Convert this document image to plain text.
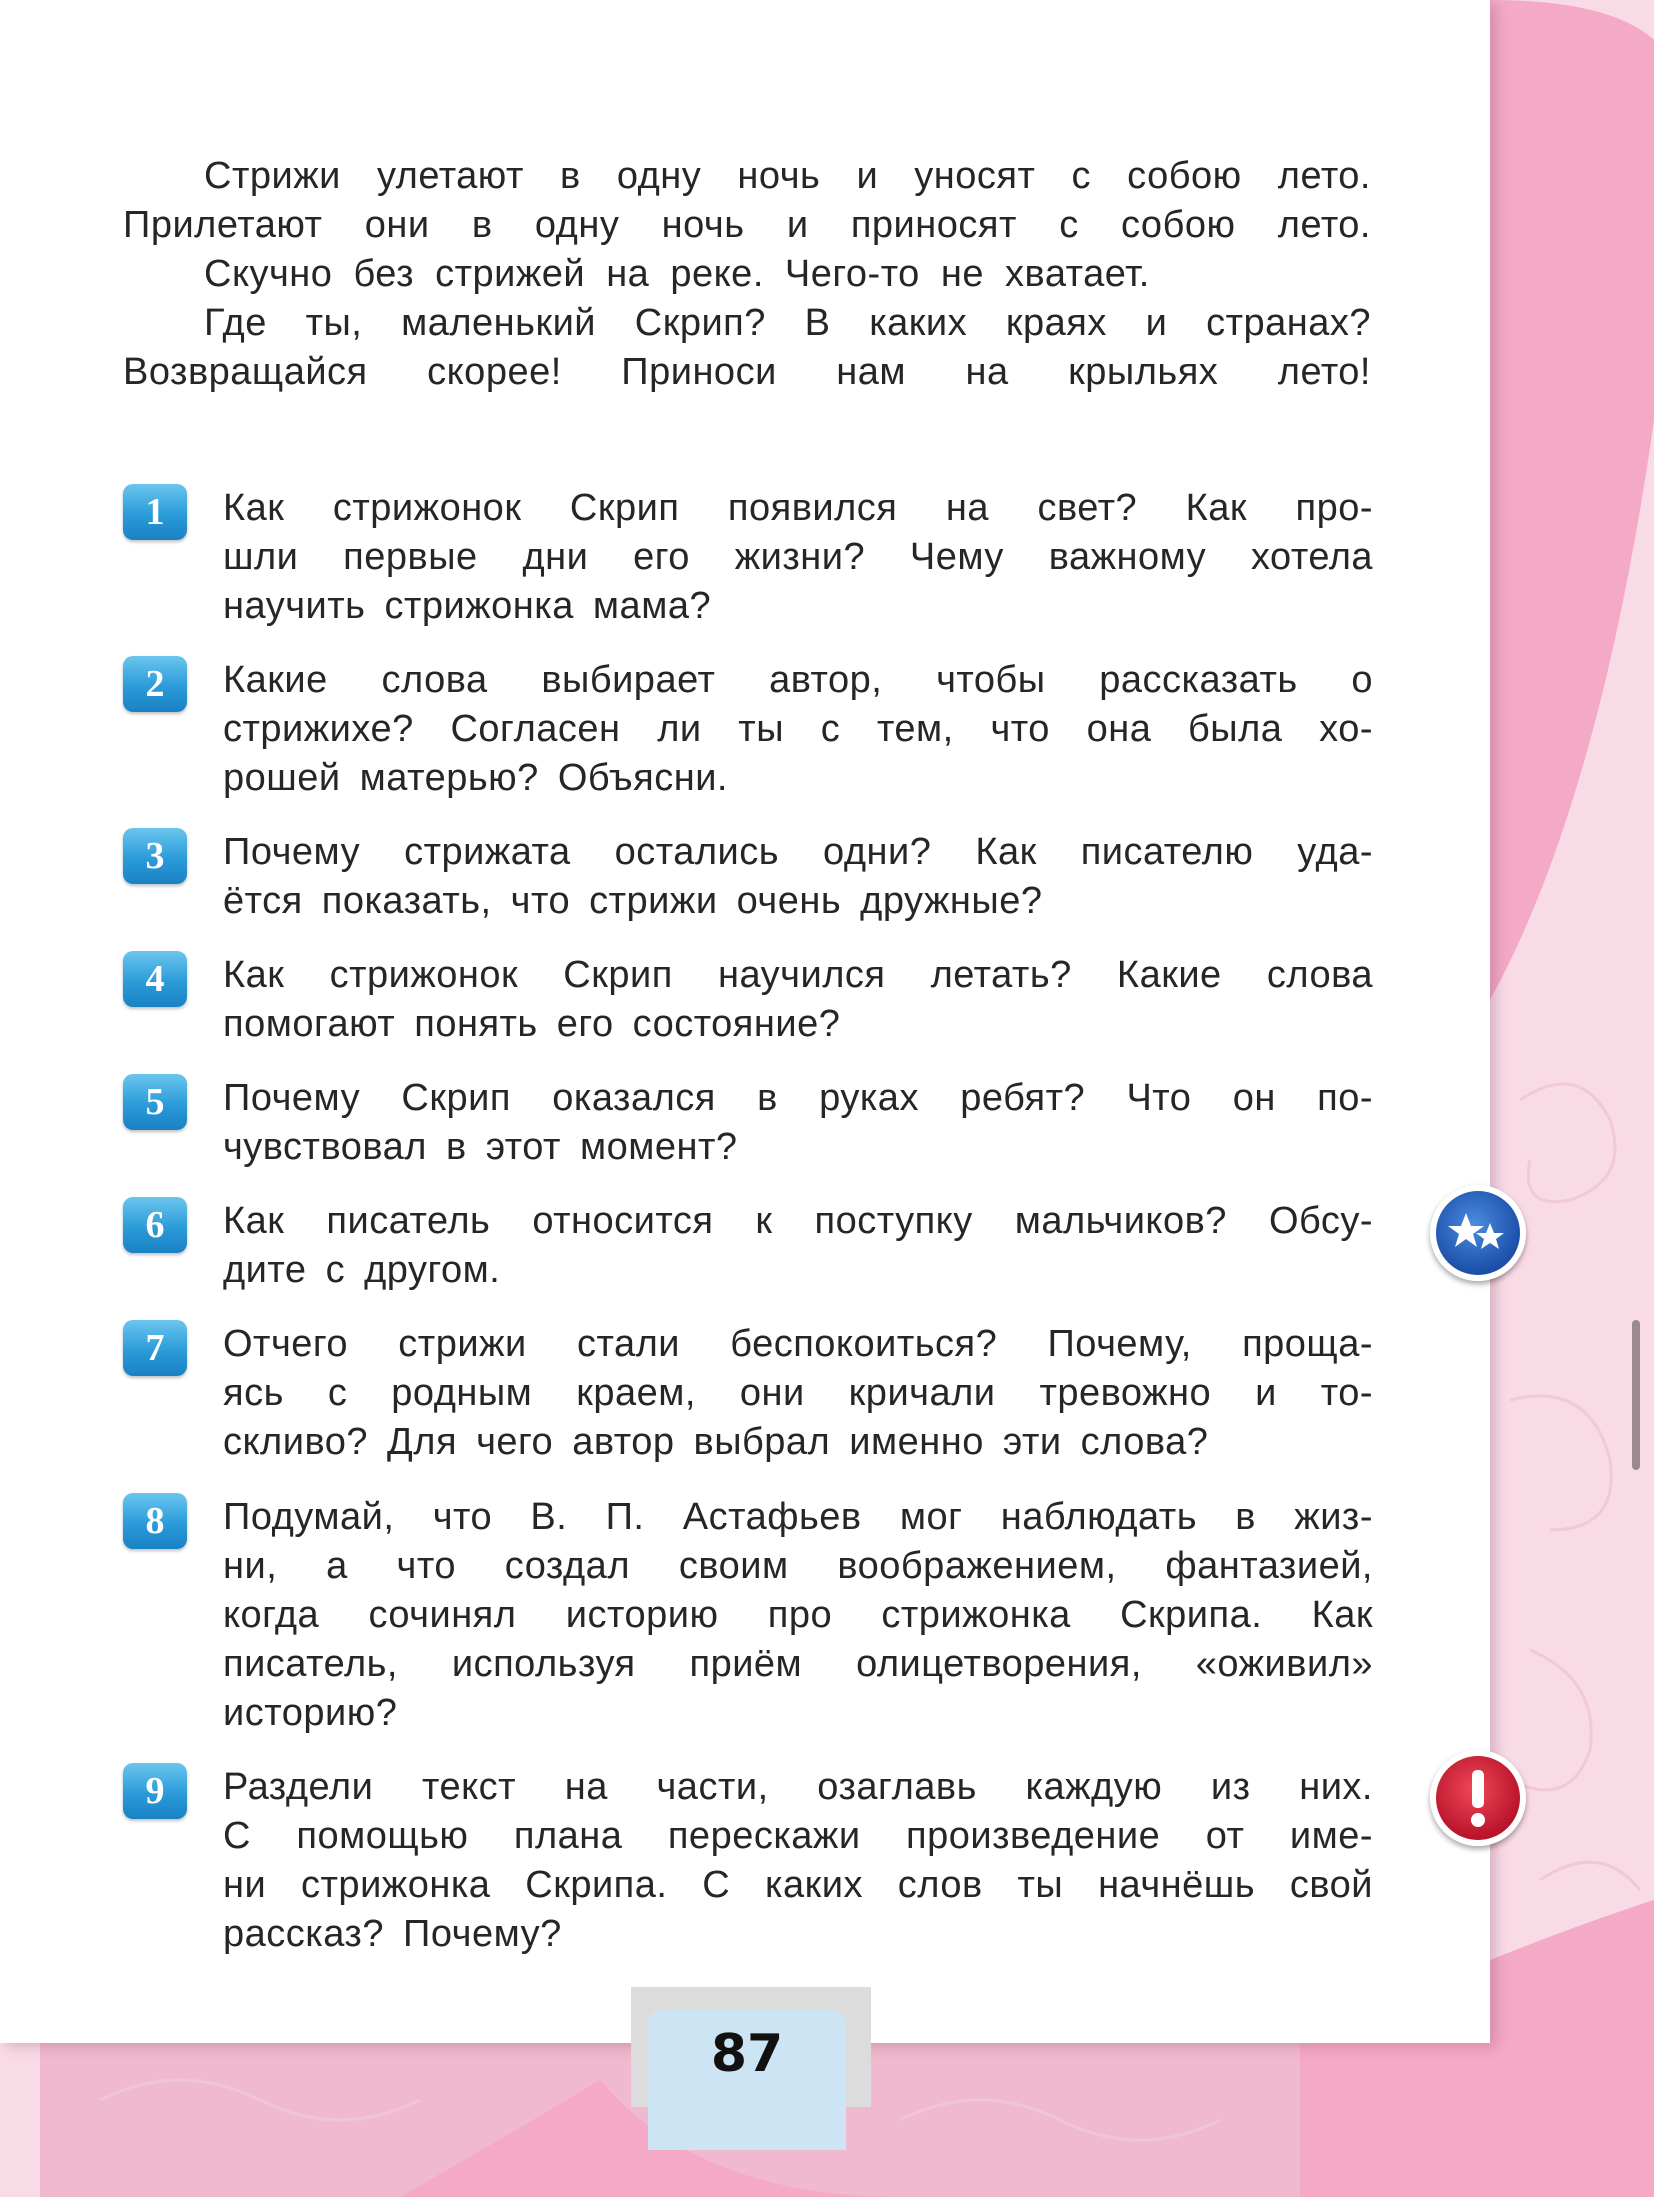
Стрижи улетают в одну ночь и уносят с собою лето. Прилетают они в одну ночь и приносят с собою лето.

Скучно без стрижей на реке. Чего-то не хватает.

Где ты, маленький Скрип? В каких краях и странах? Возвращайся скорее! Приноси нам на крыльях лето!

1	Как стрижонок Скрип появился на свет? Как про-
шли первые дни его жизни? Чему важному хотела
научить стрижонка мама?
2	Какие слова выбирает автор, чтобы рассказать о
стрижихе? Согласен ли ты с тем, что она была хо-
рошей матерью? Объясни.
3	Почему стрижата остались одни? Как писателю уда-
ётся показать, что стрижи очень дружные?
4	Как стрижонок Скрип научился летать? Какие слова
помогают понять его состояние?
5	Почему Скрип оказался в руках ребят? Что он по-
чувствовал в этот момент?
6	Как писатель относится к поступку мальчиков? Обсу-
дите с другом.
7	Отчего стрижи стали беспокоиться? Почему, проща-
ясь с родным краем, они кричали тревожно и то-
скливо? Для чего автор выбрал именно эти слова?
8	Подумай, что В. П. Астафьев мог наблюдать в жиз-
ни, а что создал своим воображением, фантазией,
когда сочинял историю про стрижонка Скрипа. Как
писатель, используя приём олицетворения, «оживил»
историю?
9	Раздели текст на части, озаглавь каждую из них.
С помощью плана перескажи произведение от име-
ни стрижонка Скрипа. С каких слов ты начнёшь свой
рассказ? Почему?
87
